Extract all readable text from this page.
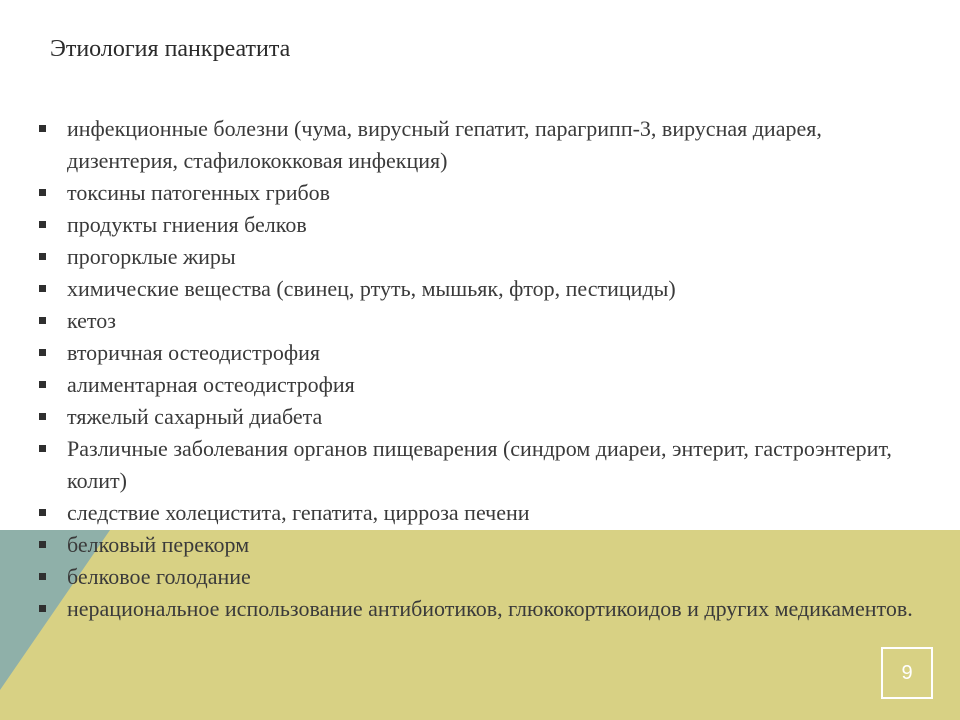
Этиология панкреатита
инфекционные болезни (чума, вирусный гепатит, парагрипп-3, вирусная диарея, дизентерия, стафилококковая инфекция)
токсины патогенных грибов
продукты гниения белков
прогорклые жиры
химические вещества (свинец, ртуть, мышьяк, фтор, пестициды)
кетоз
вторичная остеодистрофия
алиментарная остеодистрофия
тяжелый сахарный диабета
Различные заболевания органов пищеварения (синдром диареи, энтерит, гастроэнтерит, колит)
следствие холецистита, гепатита, цирроза печени
белковый перекорм
белковое голодание
нерациональное использование антибиотиков, глюкокортикоидов и других медикаментов.
9
